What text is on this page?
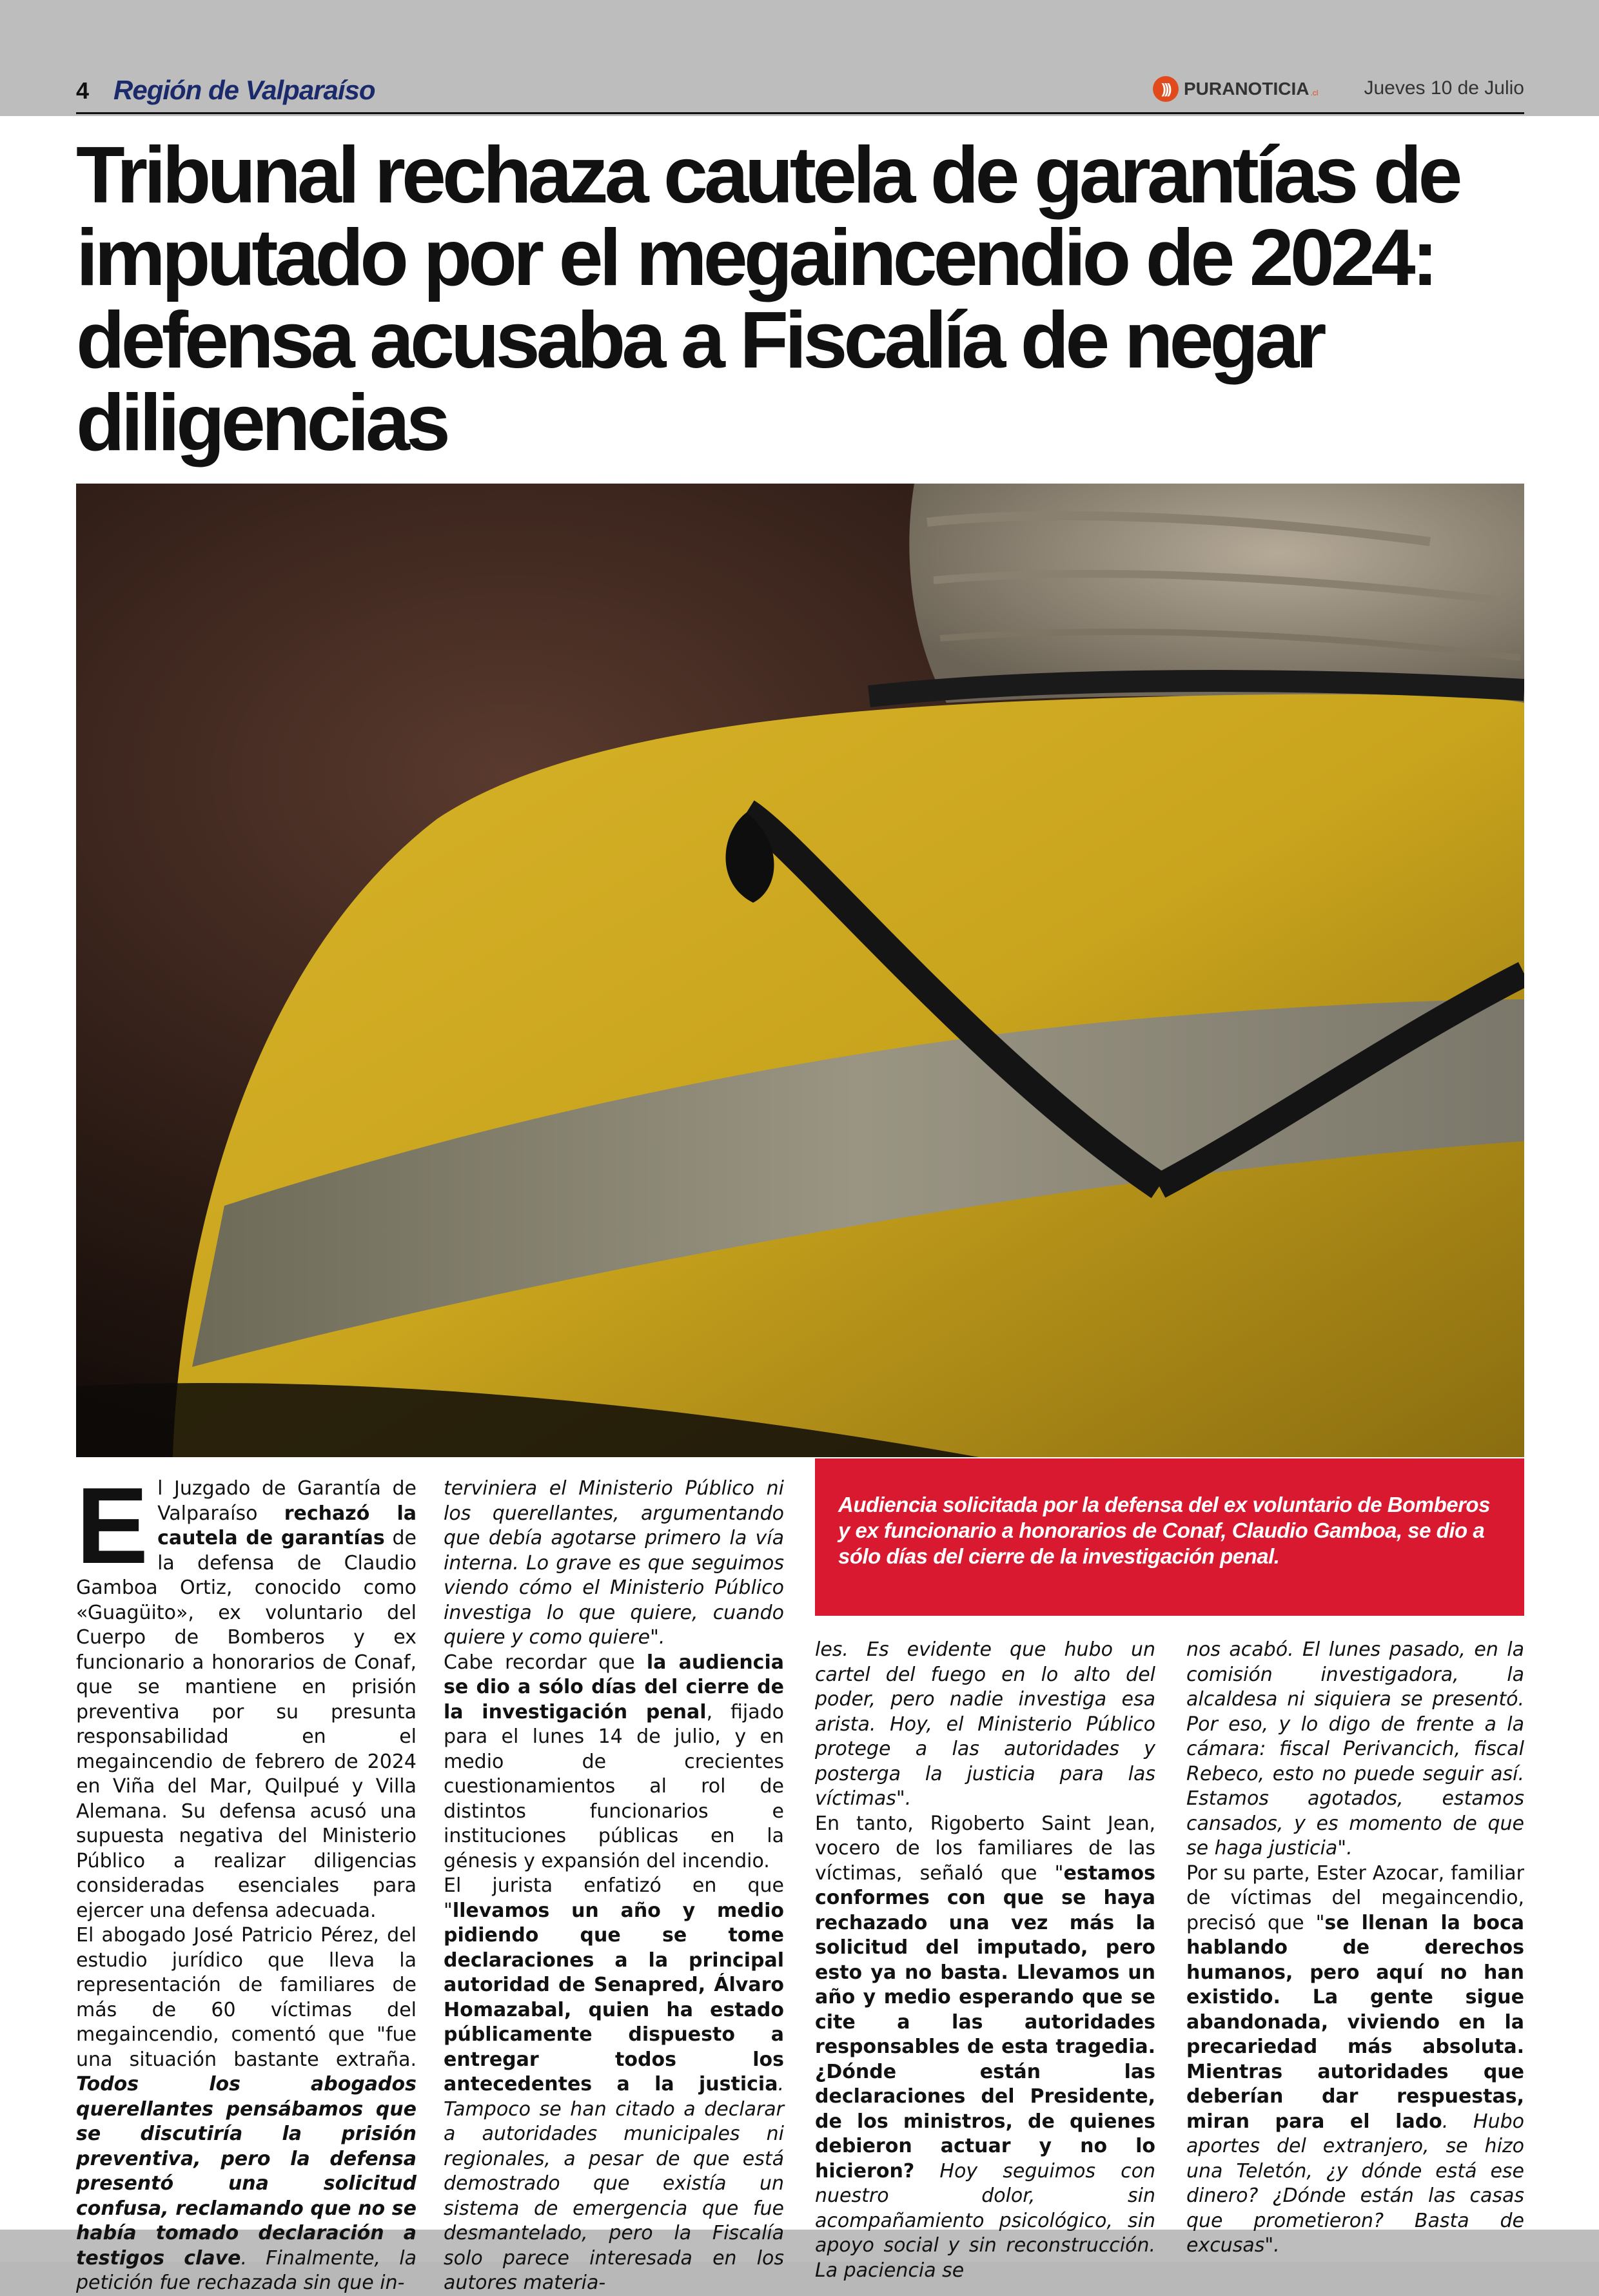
4 Región de Valparaíso	))) PURANOTICIA .cl Jueves 10 de Julio
Tribunal rechaza cautela de garantías de imputado por el megaincendio de 2024: defensa acusaba a Fiscalía de negar diligencias
E l Juzgado de Garantía de Valparaíso rechazó la cautela de garantías de la defensa de Claudio Gamboa Ortiz, conocido como «Guagüito», ex voluntario del Cuerpo de Bomberos y ex funcionario a honorarios de Conaf, que se mantiene en prisión preventiva por su presunta responsabilidad en el megaincendio de febrero de 2024 en Viña del Mar, Quilpué y Villa Alemana. Su defensa acusó una supuesta negativa del Ministerio Público a realizar diligencias consideradas esenciales para ejercer una defensa adecuada.

El abogado José Patricio Pérez, del estudio jurídico que lleva la representación de familiares de más de 60 víctimas del megaincendio, comentó que "fue una situación bastante extraña. Todos los abogados querellantes pensábamos que se discutiría la prisión preventiva, pero la defensa presentó una solicitud confusa, reclamando que no se había tomado declaración a testigos clave. Finalmente, la petición fue rechazada sin que in-

terviniera el Ministerio Público ni los querellantes, argumentando que debía agotarse primero la vía interna. Lo grave es que seguimos viendo cómo el Ministerio Público investiga lo que quiere, cuando quiere y como quiere".

Cabe recordar que la audiencia se dio a sólo días del cierre de la investigación penal, fijado para el lunes 14 de julio, y en medio de crecientes cuestionamientos al rol de distintos funcionarios e instituciones públicas en la génesis y expansión del incendio.

El jurista enfatizó en que "llevamos un año y medio pidiendo que se tome declaraciones a la principal autoridad de Senapred, Álvaro Homazabal, quien ha estado públicamente dispuesto a entregar todos los antecedentes a la justicia. Tampoco se han citado a declarar a autoridades municipales ni regionales, a pesar de que está demostrado que existía un sistema de emergencia que fue desmantelado, pero la Fiscalía solo parece interesada en los autores materia-

Audiencia solicitada por la defensa del ex voluntario de Bomberos y ex funcionario a honorarios de Conaf, Claudio Gamboa, se dio a sólo días del cierre de la investigación penal.

les. Es evidente que hubo un cartel del fuego en lo alto del poder, pero nadie investiga esa arista. Hoy, el Ministerio Público protege a las autoridades y posterga la justicia para las víctimas".

En tanto, Rigoberto Saint Jean, vocero de los familiares de las víctimas, señaló que "estamos conformes con que se haya rechazado una vez más la solicitud del imputado, pero esto ya no basta. Llevamos un año y medio esperando que se cite a las autoridades responsables de esta tragedia. ¿Dónde están las declaraciones del Presidente, de los ministros, de quienes debieron actuar y no lo hicieron? Hoy seguimos con nuestro dolor, sin acompañamiento psicológico, sin apoyo social y sin reconstrucción. La paciencia se

nos acabó. El lunes pasado, en la comisión investigadora, la alcaldesa ni siquiera se presentó. Por eso, y lo digo de frente a la cámara: fiscal Perivancich, fiscal Rebeco, esto no puede seguir así. Estamos agotados, estamos cansados, y es momento de que se haga justicia".

Por su parte, Ester Azocar, familiar de víctimas del megaincendio, precisó que "se llenan la boca hablando de derechos humanos, pero aquí no han existido. La gente sigue abandonada, viviendo en la precariedad más absoluta. Mientras autoridades que deberían dar respuestas, miran para el lado. Hubo aportes del extranjero, se hizo una Teletón, ¿y dónde está ese dinero? ¿Dónde están las casas que prometieron? Basta de excusas".
